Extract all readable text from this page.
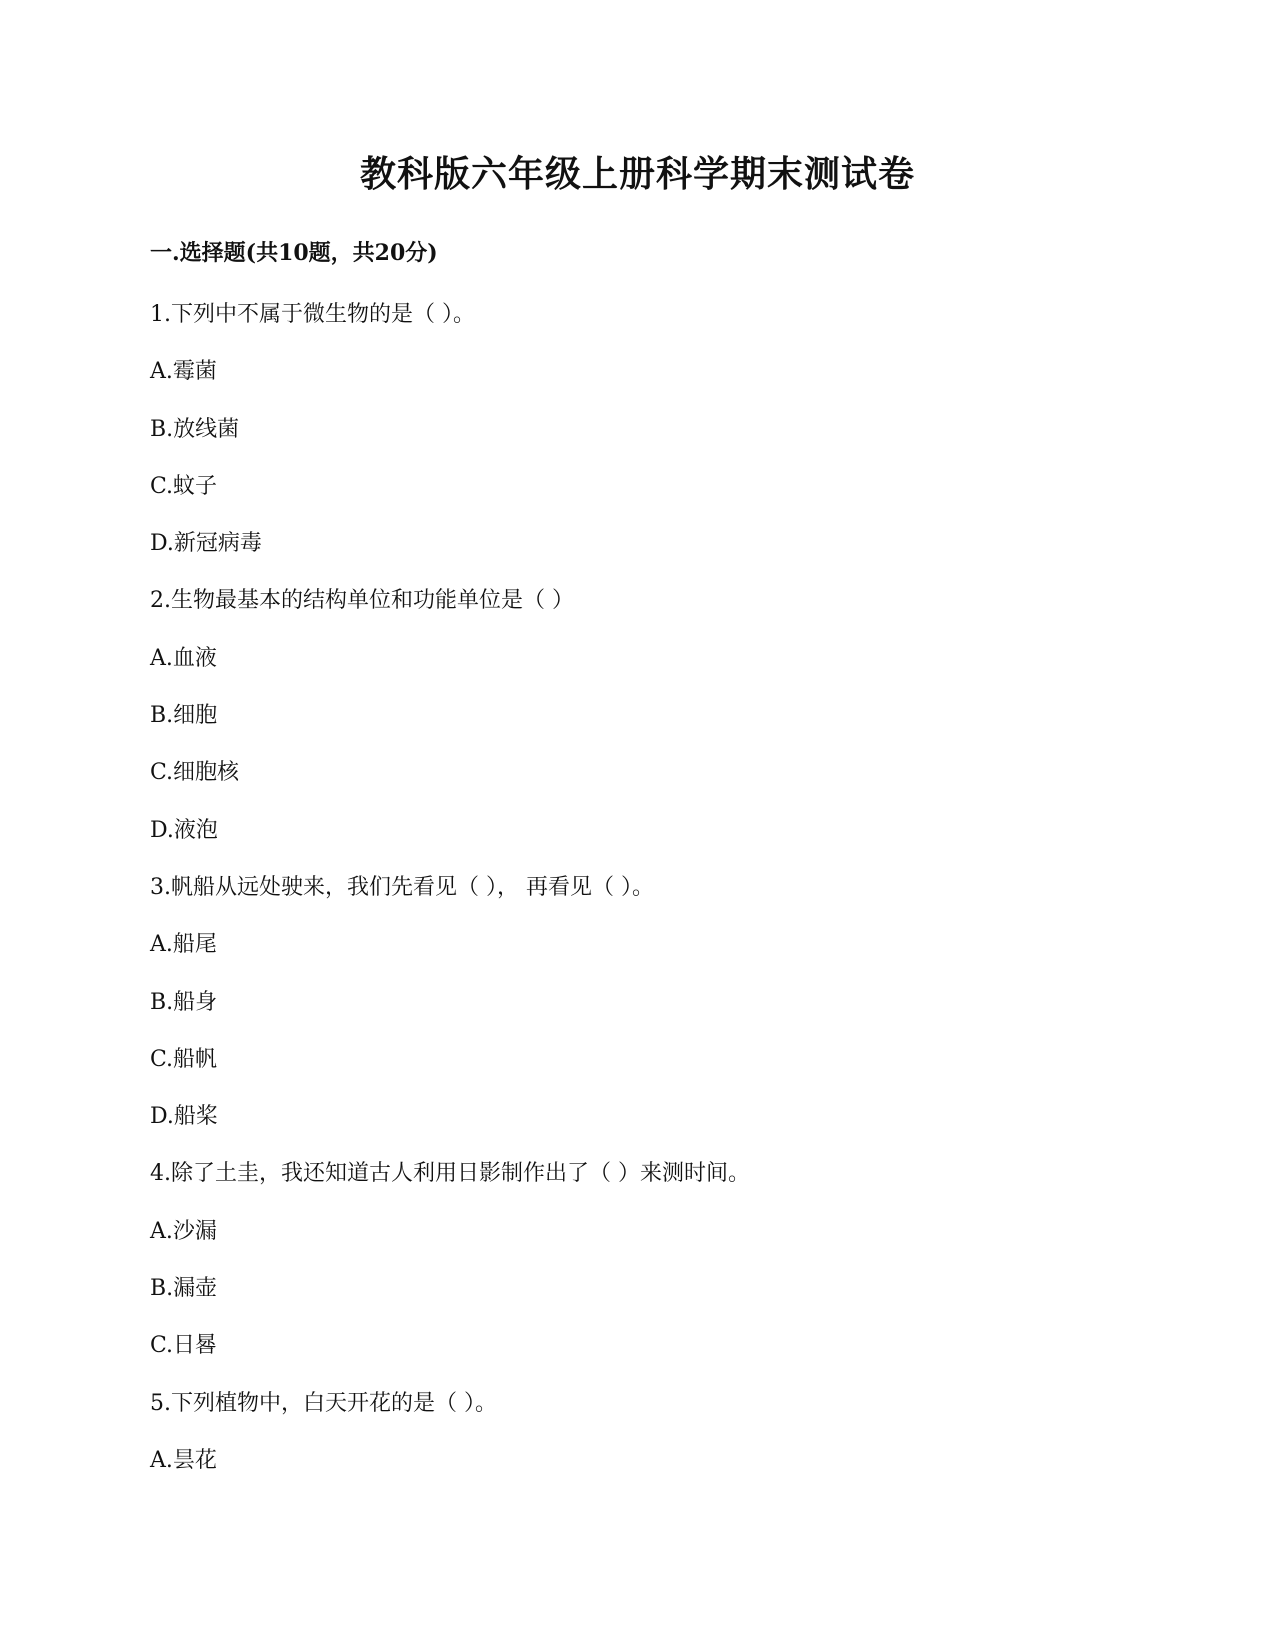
教科版六年级上册科学期末测试卷
一.选择题(共10题，共20分)
1.下列中不属于微生物的是（ ）。
A.霉菌
B.放线菌
C.蚊子
D.新冠病毒
2.生物最基本的结构单位和功能单位是（ ）
A.血液
B.细胞
C.细胞核
D.液泡
3.帆船从远处驶来，我们先看见（ ）， 再看见（ ）。
A.船尾
B.船身
C.船帆
D.船桨
4.除了土圭，我还知道古人利用日影制作出了（ ）来测时间。
A.沙漏
B.漏壶
C.日晷
5.下列植物中，白天开花的是（ ）。
A.昙花
